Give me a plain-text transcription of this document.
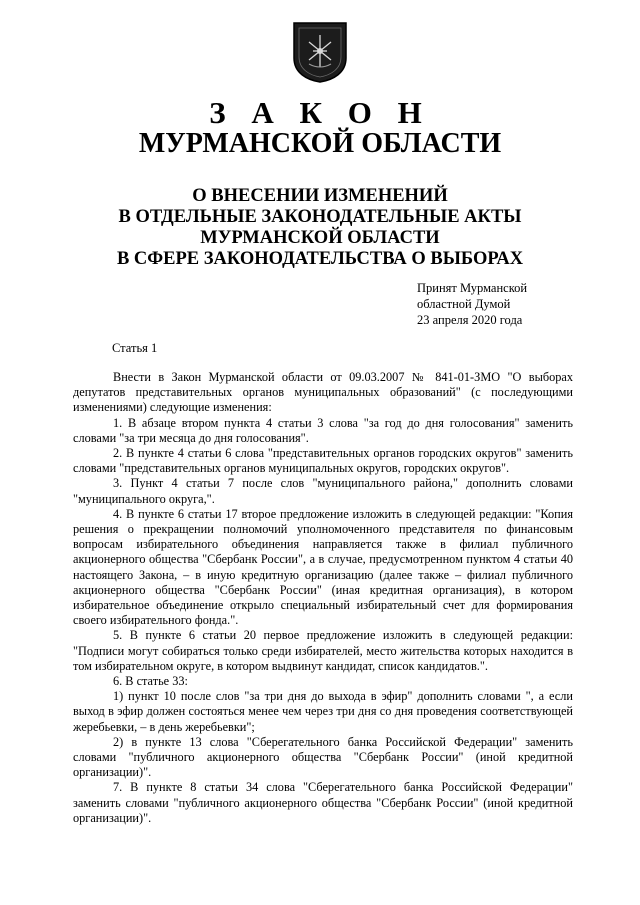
З А К О Н
МУРМАНСКОЙ ОБЛАСТИ
О ВНЕСЕНИИ ИЗМЕНЕНИЙ
В ОТДЕЛЬНЫЕ ЗАКОНОДАТЕЛЬНЫЕ АКТЫ
МУРМАНСКОЙ ОБЛАСТИ
В СФЕРЕ ЗАКОНОДАТЕЛЬСТВА О ВЫБОРАХ
Принят Мурманской
областной Думой
23 апреля 2020 года
Статья 1

Внести в Закон Мурманской области от 09.03.2007 № 841-01-ЗМО "О выборах депутатов представительных органов муниципальных образований" (с последующими изменениями) следующие изменения:

1. В абзаце втором пункта 4 статьи 3 слова "за год до дня голосования" заменить словами "за три месяца до дня голосования".

2. В пункте 4 статьи 6 слова "представительных органов городских округов" заменить словами "представительных органов муниципальных округов, городских округов".

3. Пункт 4 статьи 7 после слов "муниципального района," дополнить словами "муниципального округа,".

4. В пункте 6 статьи 17 второе предложение изложить в следующей редакции: "Копия решения о прекращении полномочий уполномоченного представителя по финансовым вопросам избирательного объединения направляется также в филиал публичного акционерного общества "Сбербанк России", а в случае, предусмотренном пунктом 4 статьи 40 настоящего Закона, – в иную кредитную организацию (далее также – филиал публичного акционерного общества "Сбербанк России" (иная кредитная организация), в котором избирательное объединение открыло специальный избирательный счет для формирования своего избирательного фонда.".

5. В пункте 6 статьи 20 первое предложение изложить в следующей редакции: "Подписи могут собираться только среди избирателей, место жительства которых находится в том избирательном округе, в котором выдвинут кандидат, список кандидатов.".

6. В статье 33:

1) пункт 10 после слов "за три дня до выхода в эфир" дополнить словами ", а если выход в эфир должен состояться менее чем через три дня со дня проведения соответствующей жеребьевки, – в день жеребьевки";

2) в пункте 13 слова "Сберегательного банка Российской Федерации" заменить словами "публичного акционерного общества "Сбербанк России" (иной кредитной организации)".

7. В пункте 8 статьи 34 слова "Сберегательного банка Российской Федерации" заменить словами "публичного акционерного общества "Сбербанк России" (иной кредитной организации)".
